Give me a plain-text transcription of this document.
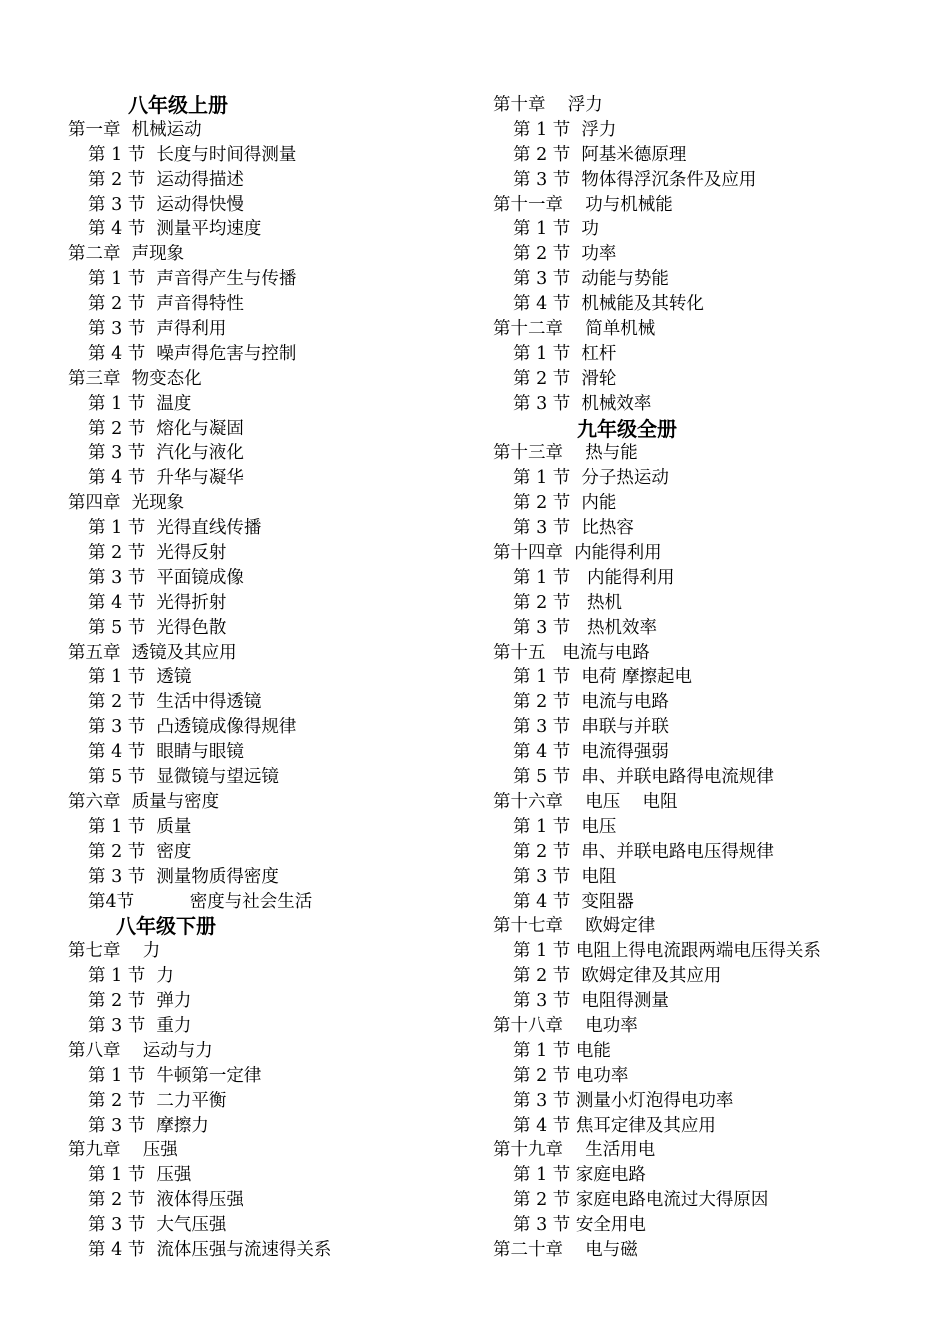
八年级上册
第一章  机械运动
第 1 节  长度与时间得测量
第 2 节  运动得描述
第 3 节  运动得快慢
第 4 节  测量平均速度
第二章  声现象
第 1 节  声音得产生与传播
第 2 节  声音得特性
第 3 节  声得利用
第 4 节  噪声得危害与控制
第三章  物变态化
第 1 节  温度
第 2 节  熔化与凝固
第 3 节  汽化与液化
第 4 节  升华与凝华
第四章  光现象
第 1 节  光得直线传播
第 2 节  光得反射
第 3 节  平面镜成像
第 4 节  光得折射
第 5 节  光得色散
第五章  透镜及其应用
第 1 节  透镜
第 2 节  生活中得透镜
第 3 节  凸透镜成像得规律
第 4 节  眼睛与眼镜
第 5 节  显微镜与望远镜
第六章  质量与密度
第 1 节  质量
第 2 节  密度
第 3 节  测量物质得密度
第4节          密度与社会生活
八年级下册
第七章    力
第 1 节  力
第 2 节  弹力
第 3 节  重力
第八章    运动与力
第 1 节  牛顿第一定律
第 2 节  二力平衡
第 3 节  摩擦力
第九章    压强
第 1 节  压强
第 2 节  液体得压强
第 3 节  大气压强
第 4 节  流体压强与流速得关系
第十章    浮力
第 1 节  浮力
第 2 节  阿基米德原理
第 3 节  物体得浮沉条件及应用
第十一章    功与机械能
第 1 节  功
第 2 节  功率
第 3 节  动能与势能
第 4 节  机械能及其转化
第十二章    简单机械
第 1 节  杠杆
第 2 节  滑轮
第 3 节  机械效率
九年级全册
第十三章    热与能
第 1 节  分子热运动
第 2 节  内能
第 3 节  比热容
第十四章  内能得利用
第 1 节   内能得利用
第 2 节   热机
第 3 节   热机效率
第十五   电流与电路
第 1 节  电荷 摩擦起电
第 2 节  电流与电路
第 3 节  串联与并联
第 4 节  电流得强弱
第 5 节  串、并联电路得电流规律
第十六章    电压    电阻
第 1 节  电压
第 2 节  串、并联电路电压得规律
第 3 节  电阻
第 4 节  变阻器
第十七章    欧姆定律
第 1 节 电阻上得电流跟两端电压得关系
第 2 节  欧姆定律及其应用
第 3 节  电阻得测量
第十八章    电功率
第 1 节 电能
第 2 节 电功率
第 3 节 测量小灯泡得电功率
第 4 节 焦耳定律及其应用
第十九章    生活用电
第 1 节 家庭电路
第 2 节 家庭电路电流过大得原因
第 3 节 安全用电
第二十章    电与磁
